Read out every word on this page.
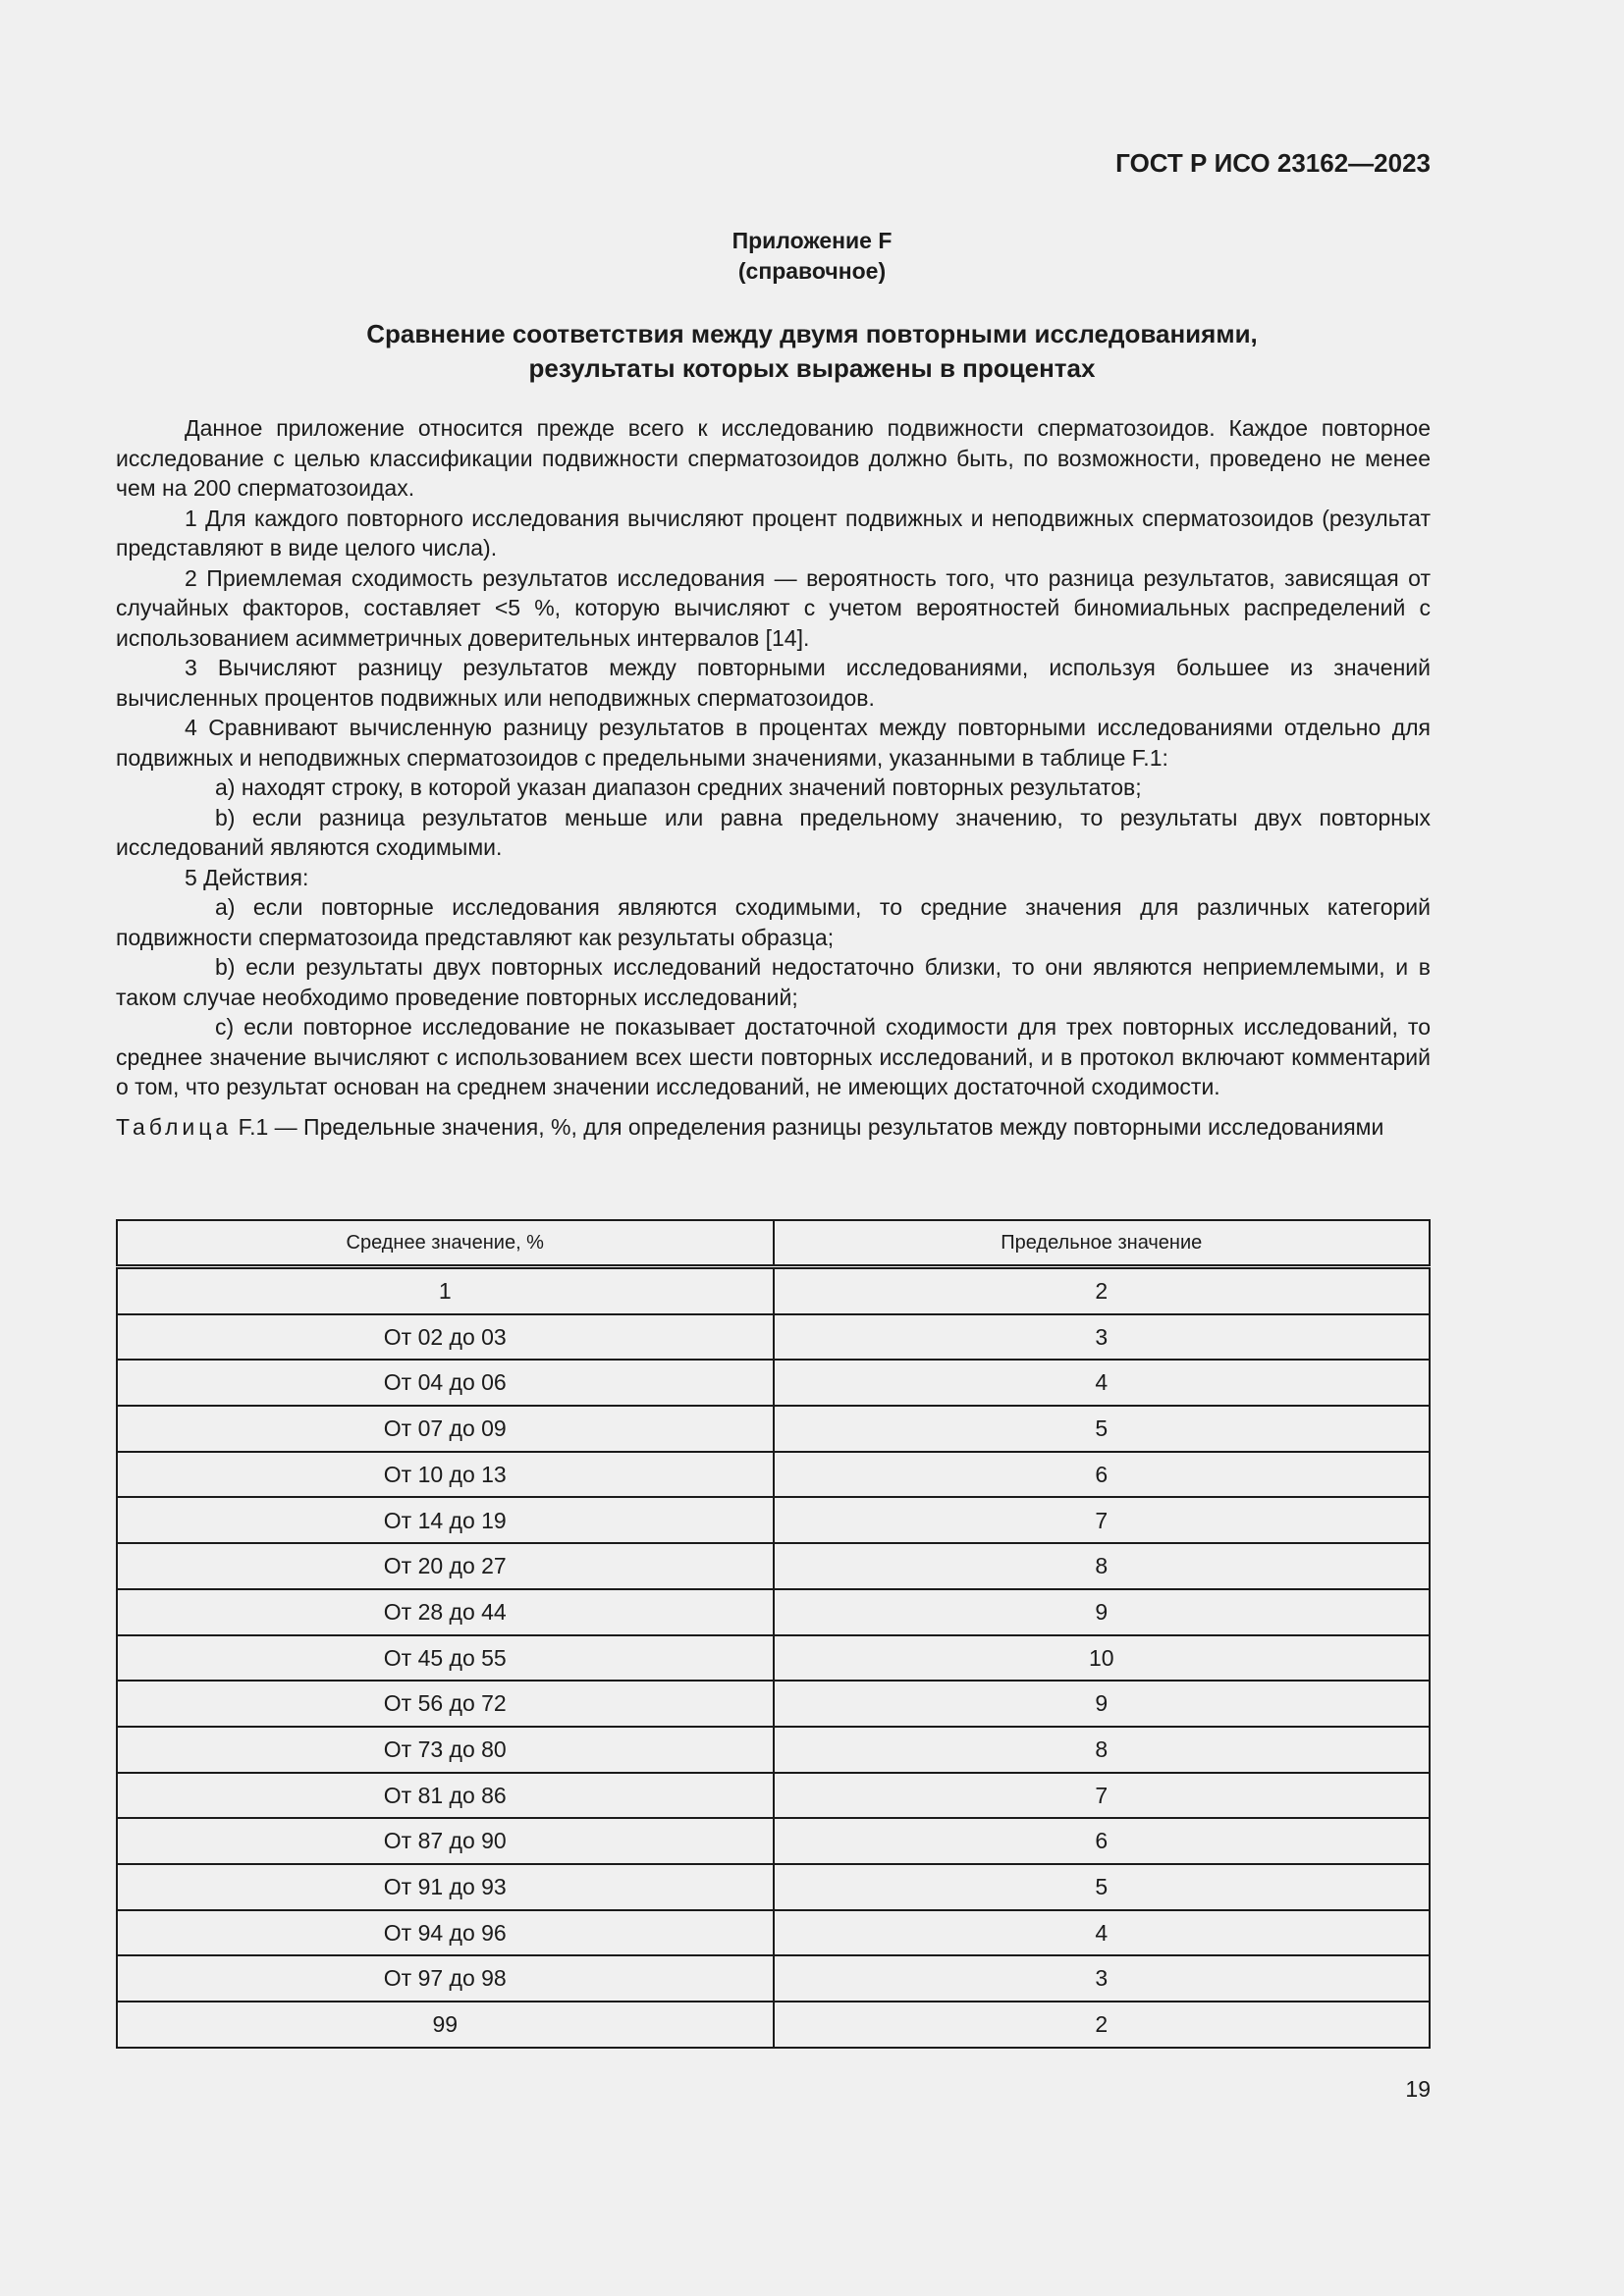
ГОСТ Р ИСО 23162—2023
Приложение F
(справочное)
Сравнение соответствия между двумя повторными исследованиями,
результаты которых выражены в процентах

Данное приложение относится прежде всего к исследованию подвижности сперматозоидов. Каждое повторное исследование с целью классификации подвижности сперматозоидов должно быть, по возможности, проведено не менее чем на 200 сперматозоидах.

1 Для каждого повторного исследования вычисляют процент подвижных и неподвижных сперматозоидов (результат представляют в виде целого числа).

2 Приемлемая сходимость результатов исследования — вероятность того, что разница результатов, зависящая от случайных факторов, составляет <5 %, которую вычисляют с учетом вероятностей биномиальных распределений с использованием асимметричных доверительных интервалов [14].

3 Вычисляют разницу результатов между повторными исследованиями, используя большее из значений вычисленных процентов подвижных или неподвижных сперматозоидов.

4 Сравнивают вычисленную разницу результатов в процентах между повторными исследованиями отдельно для подвижных и неподвижных сперматозоидов с предельными значениями, указанными в таблице F.1:

a) находят строку, в которой указан диапазон средних значений повторных результатов;

b) если разница результатов меньше или равна предельному значению, то результаты двух повторных исследований являются сходимыми.

5 Действия:

a) если повторные исследования являются сходимыми, то средние значения для различных категорий подвижности сперматозоида представляют как результаты образца;

b) если результаты двух повторных исследований недостаточно близки, то они являются неприемлемыми, и в таком случае необходимо проведение повторных исследований;

c) если повторное исследование не показывает достаточной сходимости для трех повторных исследований, то среднее значение вычисляют с использованием всех шести повторных исследований, и в протокол включают комментарий о том, что результат основан на среднем значении исследований, не имеющих достаточной сходимости.

Таблица F.1 — Предельные значения, %, для определения разницы результатов между повторными исследованиями

Среднее значение, %	Предельное значение
1	2
От 02 до 03	3
От 04 до 06	4
От 07 до 09	5
От 10 до 13	6
От 14 до 19	7
От 20 до 27	8
От 28 до 44	9
От 45 до 55	10
От 56 до 72	9
От 73 до 80	8
От 81 до 86	7
От 87 до 90	6
От 91 до 93	5
От 94 до 96	4
От 97 до 98	3
99	2
19
